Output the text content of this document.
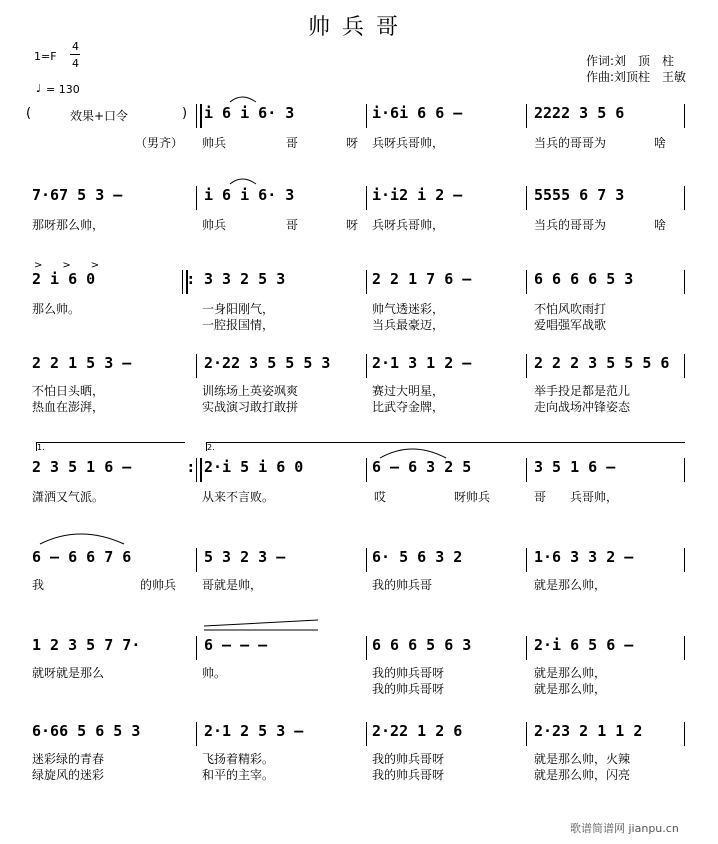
帅兵哥
1=F
4
4
♩ = 130
作词:刘　顶　柱
作曲:刘顶柱　王敏
(	效果+口令	)
（男齐）
i 6 i 6· 3	i·6i 6 6 –	2222 3 5 6
帅兵	哥	呀 兵呀兵哥帅，	当兵的哥哥为	啥
7·67 5 3 –	i 6 i 6· 3	i·i2 i 2 –	5555 6 7 3
那呀那么帅，	帅兵	哥	呀 兵呀兵哥帅，	当兵的哥哥为	啥
>　　>　　>
2 i 6 0	: 3 3 2 5 3	2 2 1 7 6 –	6 6 6 6 5 3
那么帅。	一身阳刚气，	帅气透迷彩，	不怕风吹雨打
一腔报国情，	当兵最豪迈，	爱唱强军战歌
2 2 1 5 3 –	2·22 3 5 5 5 3	2·1 3 1 2 –	2 2 2 3 5 5 5 6
不怕日头晒，	训练场上英姿飒爽	赛过大明星，	举手投足都是范儿
热血在澎湃，	实战演习敢打敢拼	比武夺金牌，	走向战场冲锋姿态
1.	2.
2 3 5 1 6 –	: 2·i 5 i 6 0	6 – 6 3 2 5	3 5 1 6 –
潇洒又气派。	从来不言败。	哎	呀帅兵	哥 兵哥帅，
6 – 6 6 7 6	5 3 2 3 –	6· 5 6 3 2	1·6 3 3 2 –
我	的帅兵 哥就是帅，	我的帅兵哥	就是那么帅，
1 2 3 5 7 7·	6 – – –	6 6 6 5 6 3	2·i 6 5 6 –
就呀就是那么	帅。	我的帅兵哥呀	就是那么帅，
我的帅兵哥呀	就是那么帅，
6·66 5 6 5 3	2·1 2 5 3 –	2·22 1 2 6	2·23 2 1 1 2
迷彩绿的青春	飞扬着精彩。	我的帅兵哥呀	就是那么帅，火辣
绿旋风的迷彩	和平的主宰。	我的帅兵哥呀	就是那么帅，闪亮
歌谱简谱网 jianpu.cn
